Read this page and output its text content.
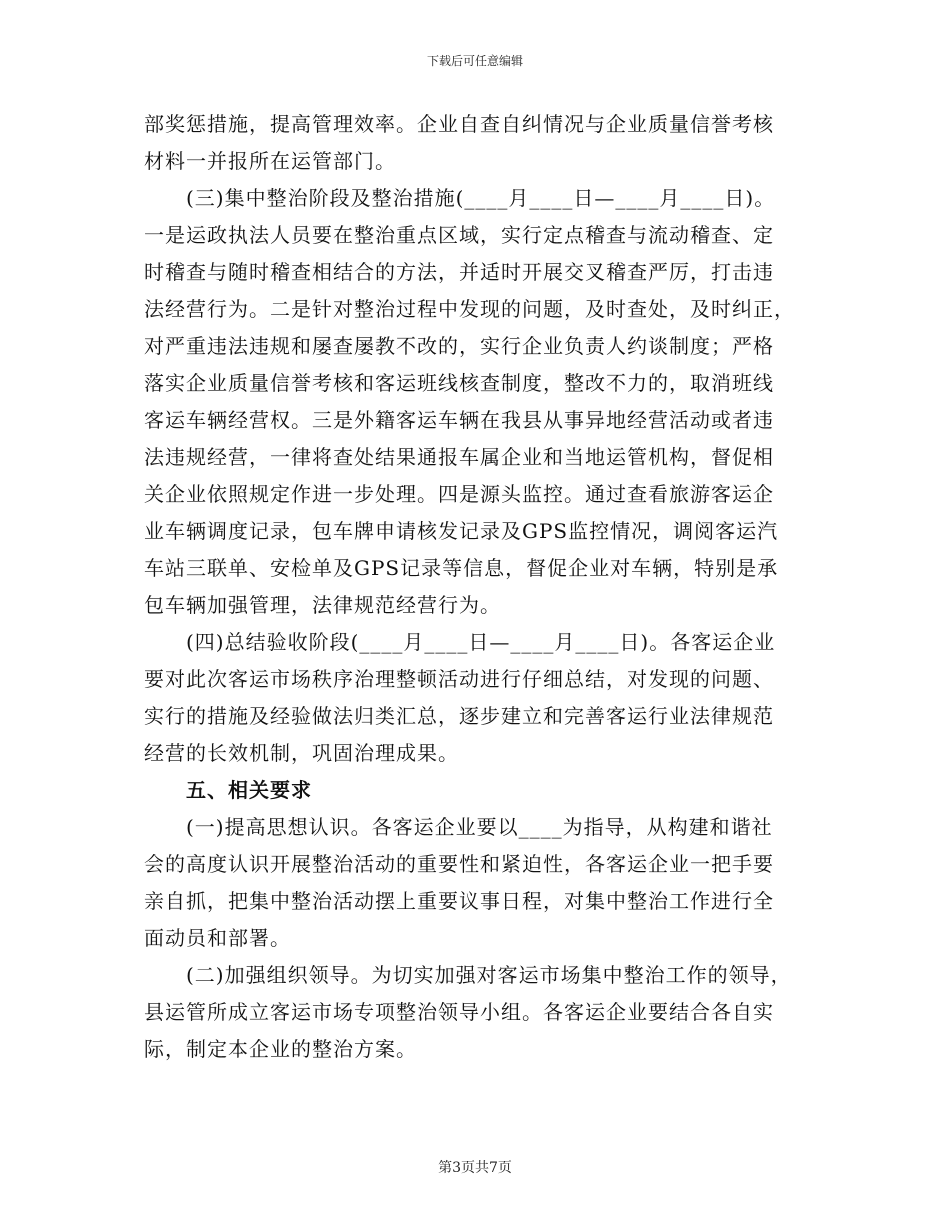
下载后可任意编辑
部奖惩措施，提高管理效率。企业自查自纠情况与企业质量信誉考核
材料一并报所在运管部门。
(三)集中整治阶段及整治措施(____月____日—____月____日)。
一是运政执法人员要在整治重点区域，实行定点稽查与流动稽查、定
时稽查与随时稽查相结合的方法，并适时开展交叉稽查严厉，打击违
法经营行为。二是针对整治过程中发现的问题，及时查处，及时纠正，
对严重违法违规和屡查屡教不改的，实行企业负责人约谈制度；严格
落实企业质量信誉考核和客运班线核查制度，整改不力的，取消班线
客运车辆经营权。三是外籍客运车辆在我县从事异地经营活动或者违
法违规经营，一律将查处结果通报车属企业和当地运管机构，督促相
关企业依照规定作进一步处理。四是源头监控。通过查看旅游客运企
业车辆调度记录，包车牌申请核发记录及GPS监控情况，调阅客运汽
车站三联单、安检单及GPS记录等信息，督促企业对车辆，特别是承
包车辆加强管理，法律规范经营行为。
(四)总结验收阶段(____月____日—____月____日)。各客运企业
要对此次客运市场秩序治理整顿活动进行仔细总结，对发现的问题、
实行的措施及经验做法归类汇总，逐步建立和完善客运行业法律规范
经营的长效机制，巩固治理成果。
五、相关要求
(一)提高思想认识。各客运企业要以____为指导，从构建和谐社
会的高度认识开展整治活动的重要性和紧迫性，各客运企业一把手要
亲自抓，把集中整治活动摆上重要议事日程，对集中整治工作进行全
面动员和部署。
(二)加强组织领导。为切实加强对客运市场集中整治工作的领导，
县运管所成立客运市场专项整治领导小组。各客运企业要结合各自实
际，制定本企业的整治方案。
第3页共7页
